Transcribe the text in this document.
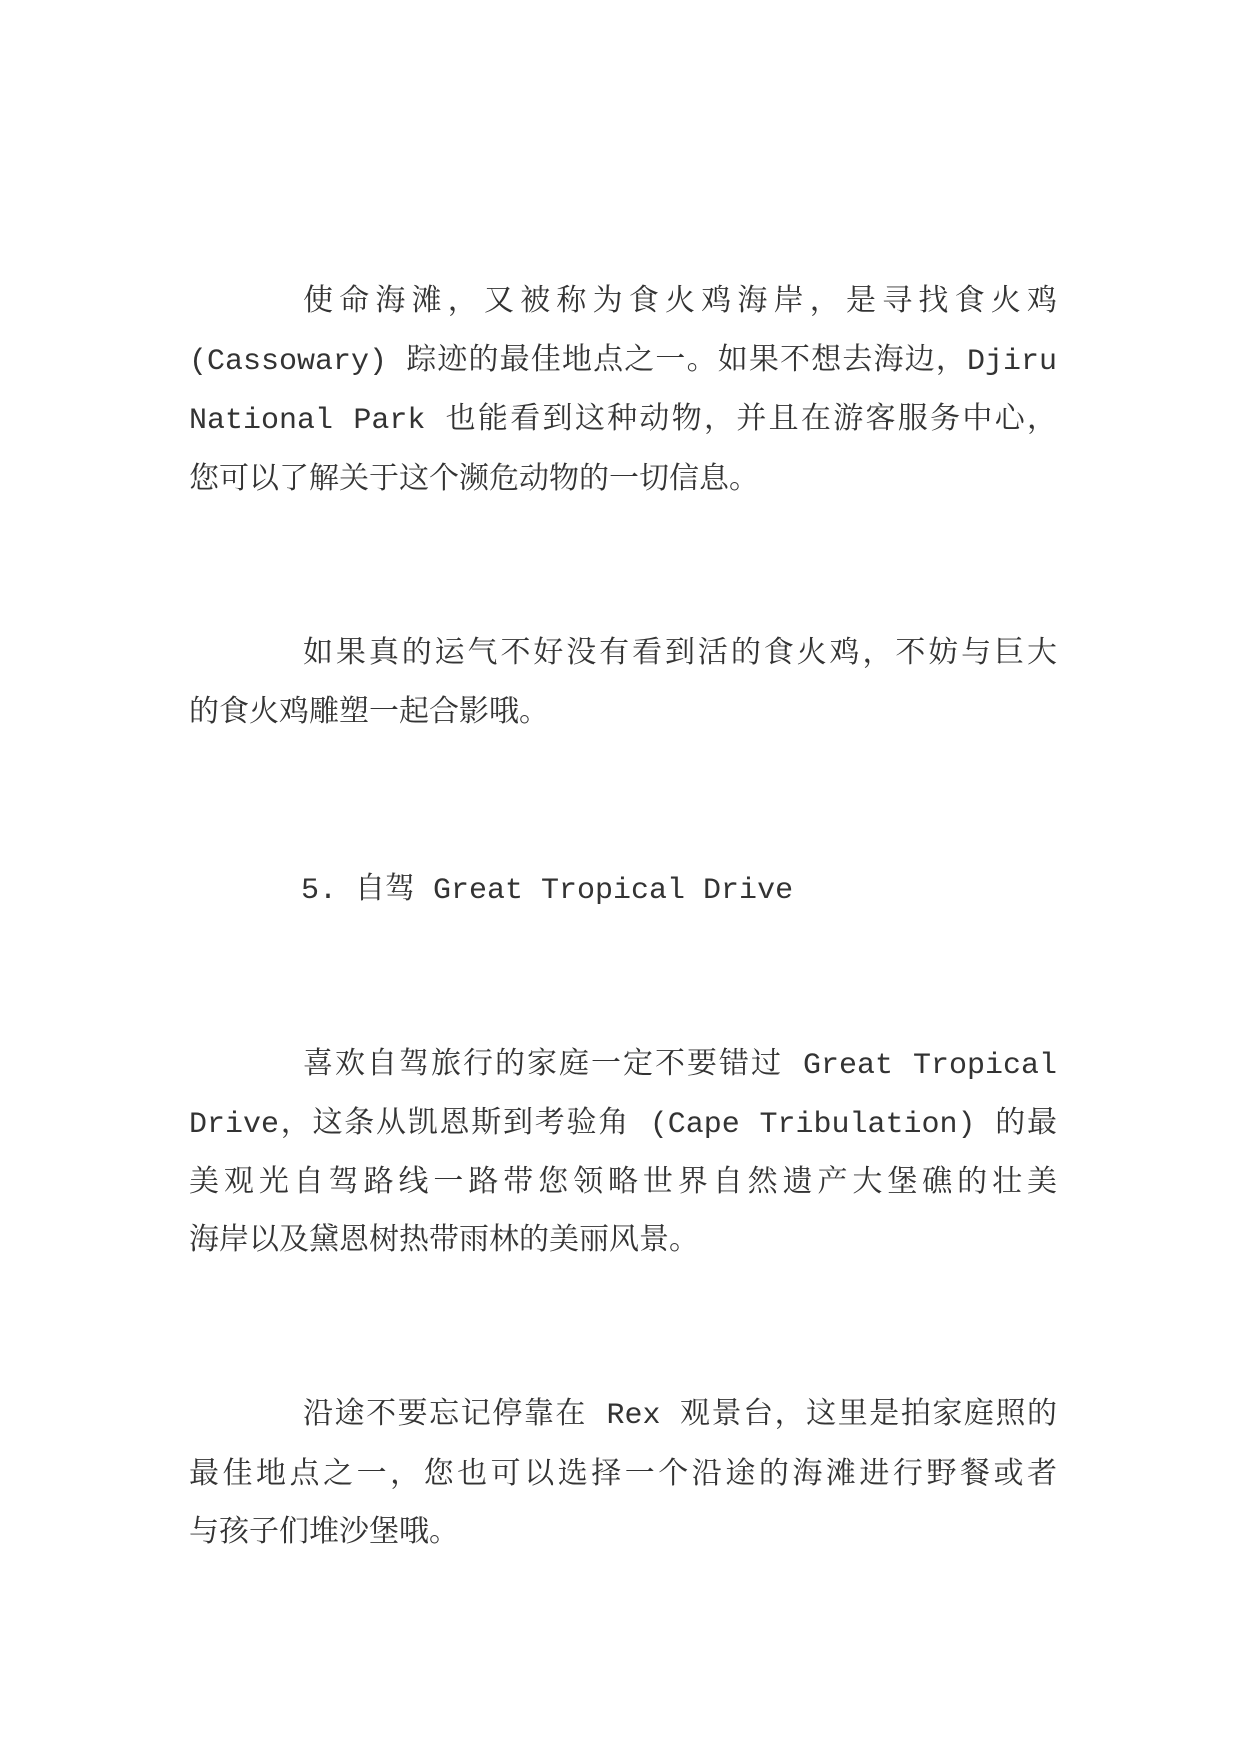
使命海滩，又被称为食火鸡海岸，是寻找食火鸡
(Cassowary) 踪迹的最佳地点之一。如果不想去海边，Djiru
National Park 也能看到这种动物，并且在游客服务中心，
您可以了解关于这个濒危动物的一切信息。
如果真的运气不好没有看到活的食火鸡，不妨与巨大
的食火鸡雕塑一起合影哦。
5. 自驾 Great Tropical Drive
喜欢自驾旅行的家庭一定不要错过 Great Tropical
Drive，这条从凯恩斯到考验角 (Cape Tribulation) 的最
美观光自驾路线一路带您领略世界自然遗产大堡礁的壮美
海岸以及黛恩树热带雨林的美丽风景。
沿途不要忘记停靠在 Rex 观景台，这里是拍家庭照的
最佳地点之一，您也可以选择一个沿途的海滩进行野餐或者
与孩子们堆沙堡哦。
